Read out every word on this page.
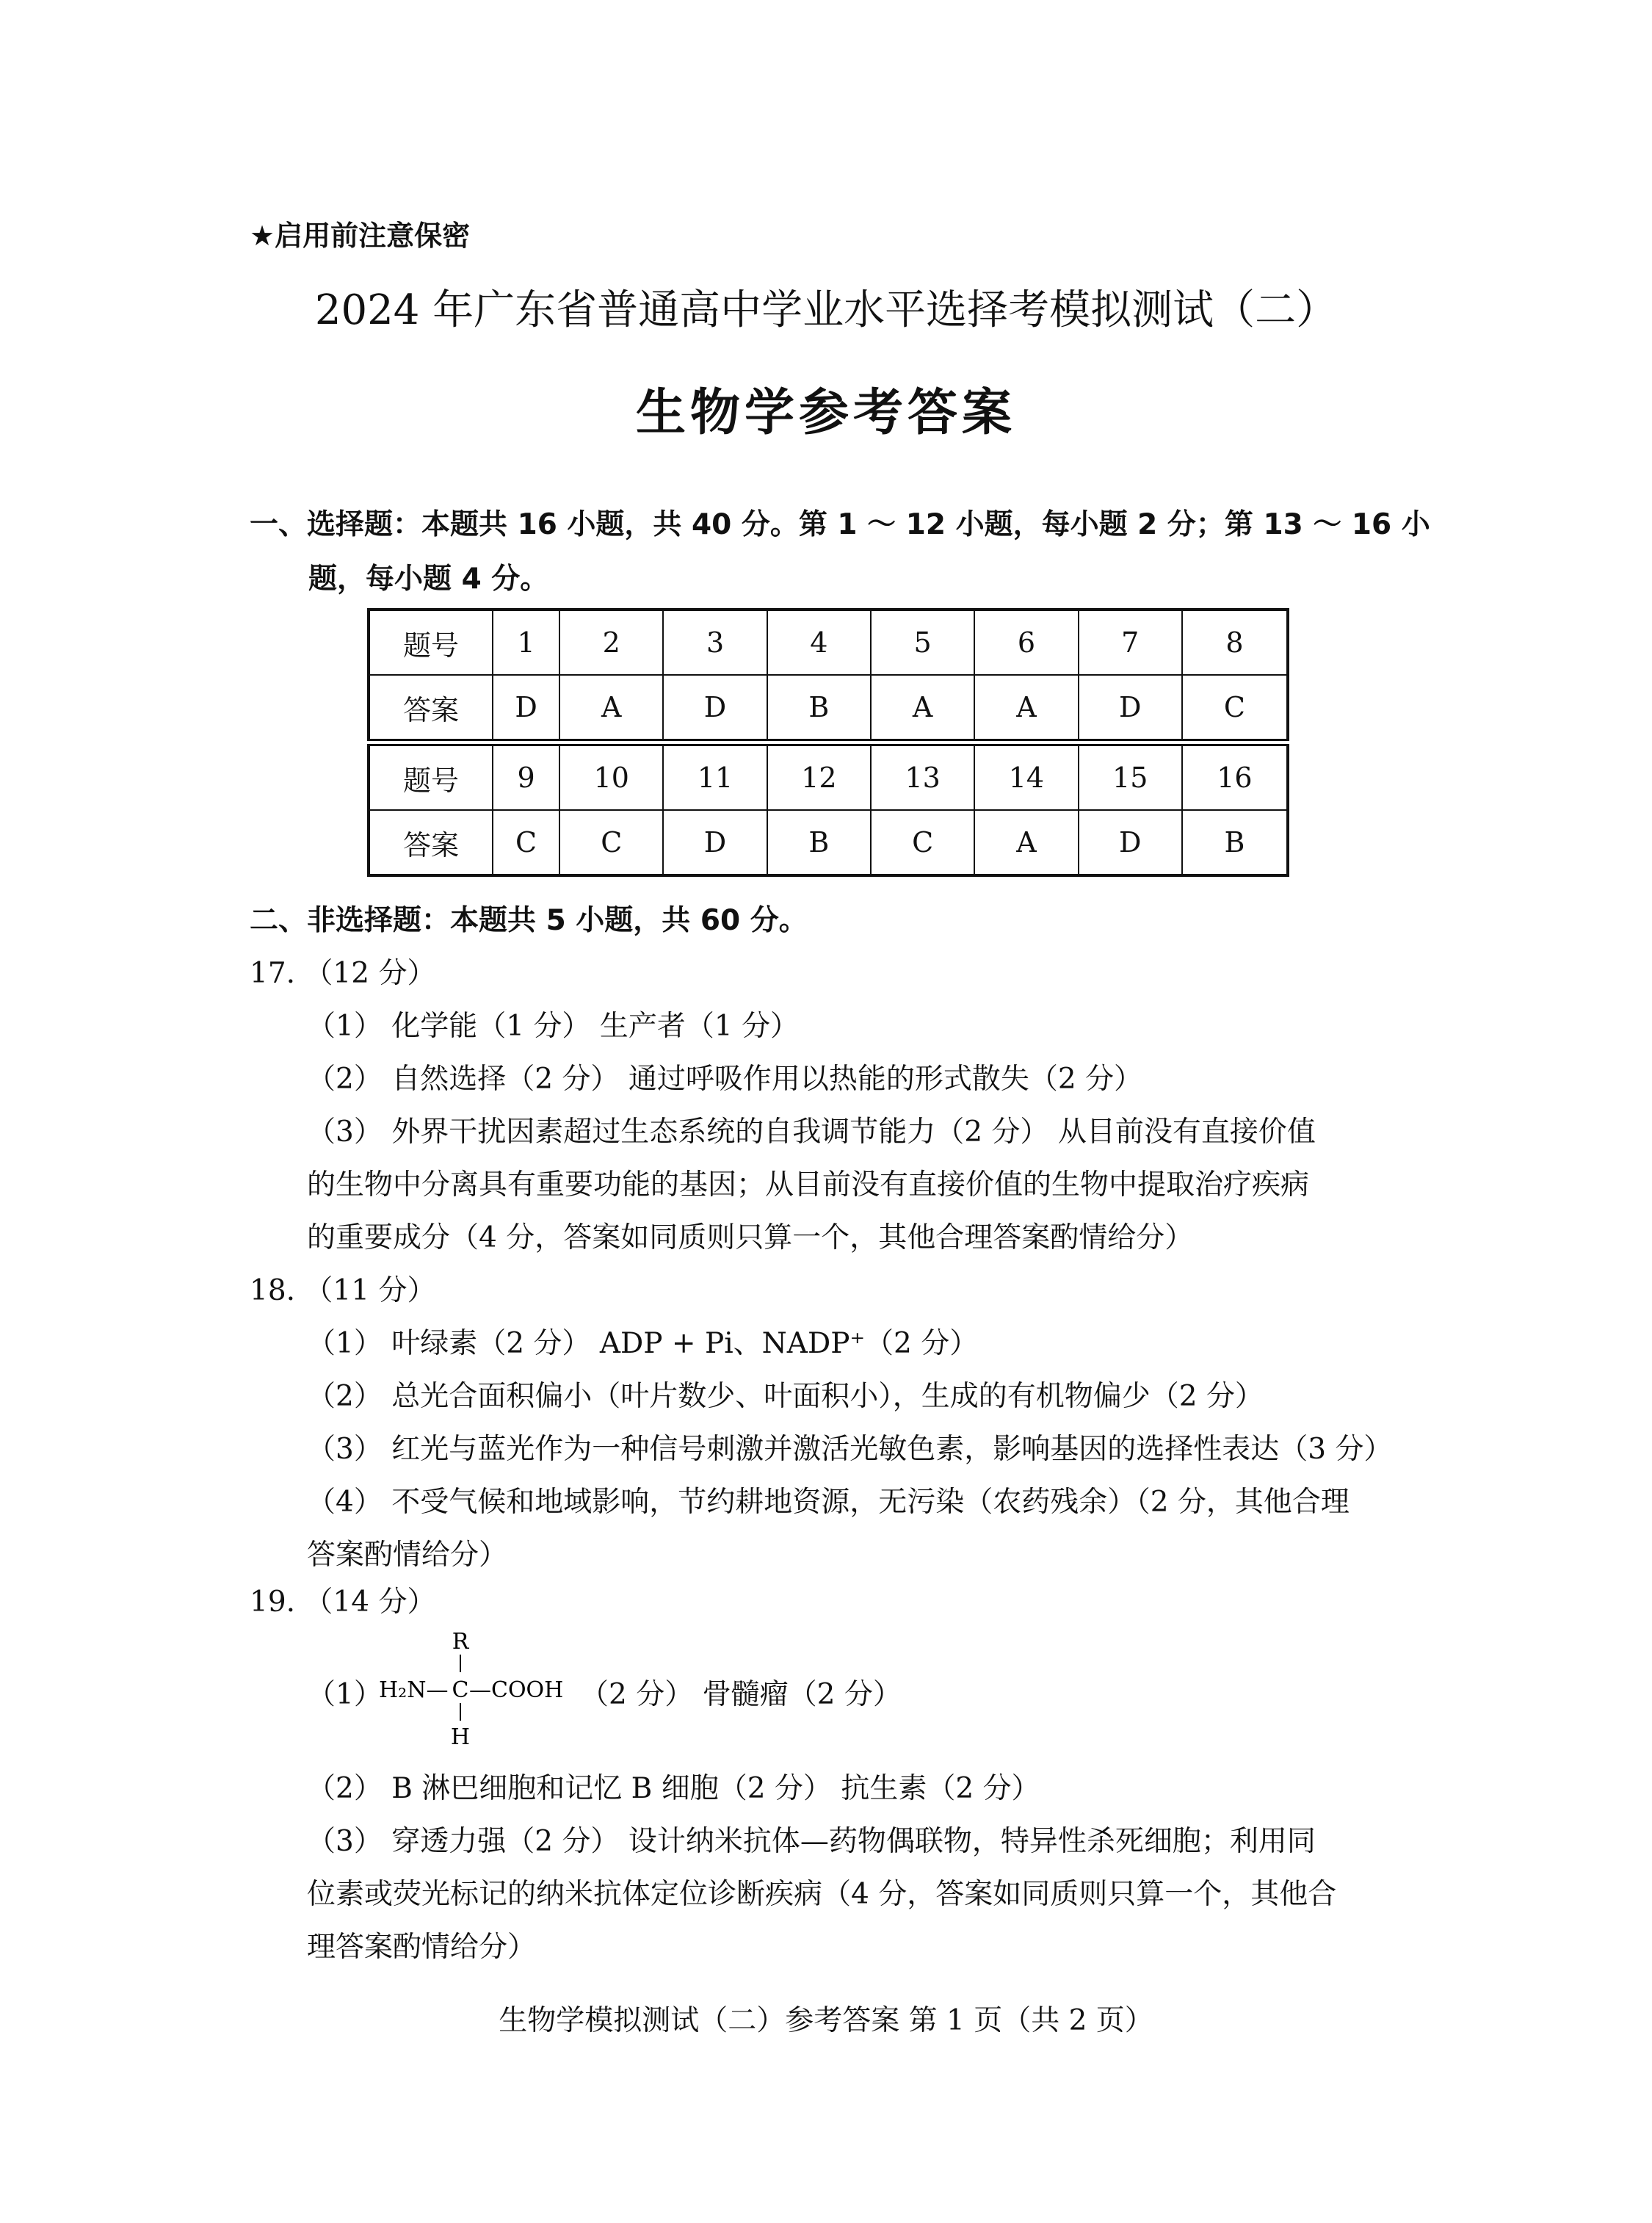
★启用前注意保密
2024 年广东省普通高中学业水平选择考模拟测试（二）
生物学参考答案
一、选择题：本题共 16 小题，共 40 分。第 1 ～ 12 小题，每小题 2 分；第 13 ～ 16 小
题，每小题 4 分。
题号	1	2	3	4	5	6	7	8
答案	D	A	D	B	A	A	D	C
题号	9	10	11	12	13	14	15	16
答案	C	C	D	B	C	A	D	B
二、非选择题：本题共 5 小题，共 60 分。
17. （12 分）
（1） 化学能（1 分） 生产者（1 分）
（2） 自然选择（2 分） 通过呼吸作用以热能的形式散失（2 分）
（3） 外界干扰因素超过生态系统的自我调节能力（2 分） 从目前没有直接价值
的生物中分离具有重要功能的基因；从目前没有直接价值的生物中提取治疗疾病
的重要成分（4 分，答案如同质则只算一个，其他合理答案酌情给分）
18. （11 分）
（1） 叶绿素（2 分） ADP + Pi、NADP⁺（2 分）
（2） 总光合面积偏小（叶片数少、叶面积小），生成的有机物偏少（2 分）
（3） 红光与蓝光作为一种信号刺激并激活光敏色素，影响基因的选择性表达（3 分）
（4） 不受气候和地域影响，节约耕地资源，无污染（农药残余）（2 分，其他合理
答案酌情给分）
19. （14 分）
（1）
R
H₂N— C —COOH
H
（2 分） 骨髓瘤（2 分）
（2） B 淋巴细胞和记忆 B 细胞（2 分） 抗生素（2 分）
（3） 穿透力强（2 分） 设计纳米抗体—药物偶联物，特异性杀死细胞；利用同
位素或荧光标记的纳米抗体定位诊断疾病（4 分，答案如同质则只算一个，其他合
理答案酌情给分）
生物学模拟测试（二）参考答案 第 1 页（共 2 页）
